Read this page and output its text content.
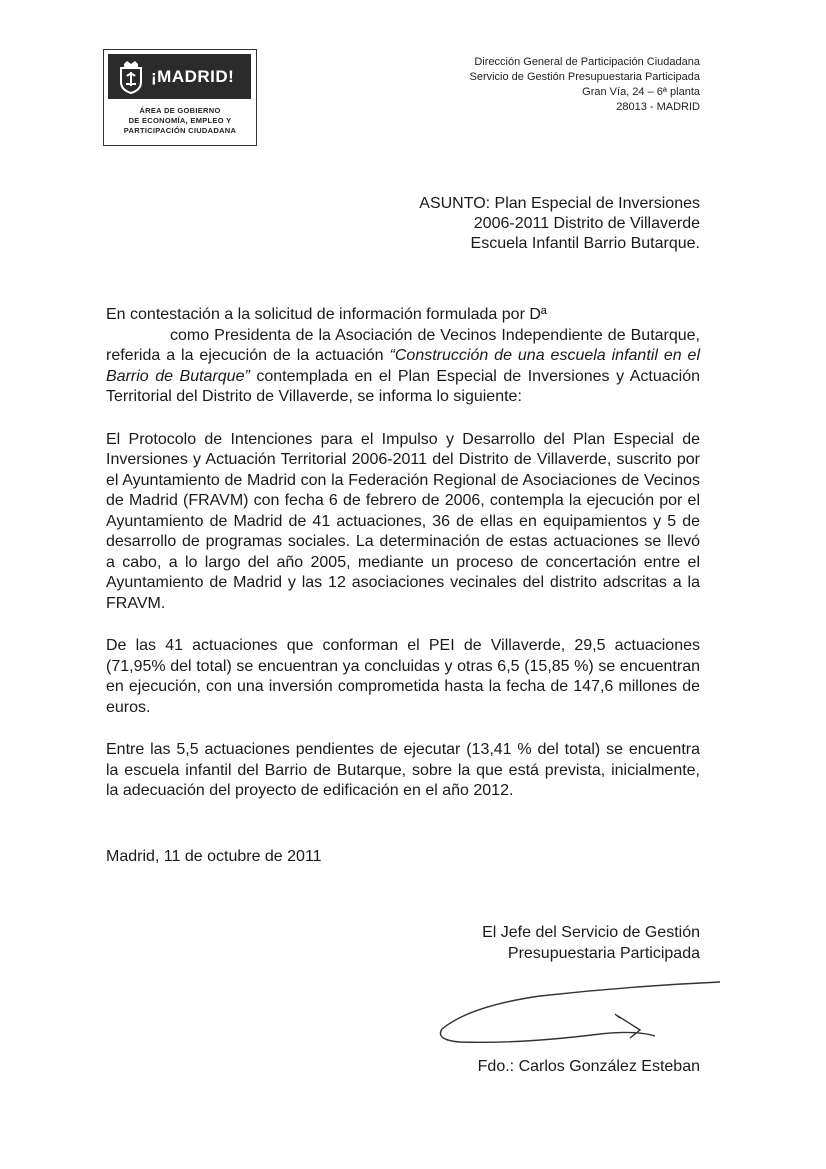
¡MADRID!
ÁREA DE GOBIERNO
DE ECONOMÍA, EMPLEO Y
PARTICIPACIÓN CIUDADANA
Dirección General de Participación Ciudadana
Servicio de Gestión Presupuestaria Participada
Gran Vía, 24 – 6ª planta
28013 - MADRID
ASUNTO: Plan Especial de Inversiones
2006-2011 Distrito de Villaverde
Escuela Infantil Barrio Butarque.

En contestación a la solicitud de información formulada por Dª
como Presidenta de la Asociación de Vecinos Independiente de Butarque, referida a la ejecución de la actuación “Construcción de una escuela infantil en el Barrio de Butarque” contemplada en el Plan Especial de Inversiones y Actuación Territorial del Distrito de Villaverde, se informa lo siguiente:

El Protocolo de Intenciones para el Impulso y Desarrollo del Plan Especial de Inversiones y Actuación Territorial 2006-2011 del Distrito de Villaverde, suscrito por el Ayuntamiento de Madrid con la Federación Regional de Asociaciones de Vecinos de Madrid (FRAVM) con fecha 6 de febrero de 2006, contempla la ejecución por el Ayuntamiento de Madrid de 41 actuaciones, 36 de ellas en equipamientos y 5 de desarrollo de programas sociales. La determinación de estas actuaciones se llevó a cabo, a lo largo del año 2005, mediante un proceso de concertación entre el Ayuntamiento de Madrid y las 12 asociaciones vecinales del distrito adscritas a la FRAVM.

De las 41 actuaciones que conforman el PEI de Villaverde, 29,5 actuaciones (71,95% del total) se encuentran ya concluidas y otras 6,5 (15,85 %) se encuentran en ejecución, con una inversión comprometida hasta la fecha de 147,6 millones de euros.

Entre las 5,5 actuaciones pendientes de ejecutar (13,41 % del total) se encuentra la escuela infantil del Barrio de Butarque, sobre la que está prevista, inicialmente, la adecuación del proyecto de edificación en el año 2012.

Madrid, 11 de octubre de 2011
El Jefe del Servicio de Gestión
Presupuestaria Participada
Fdo.: Carlos González Esteban
